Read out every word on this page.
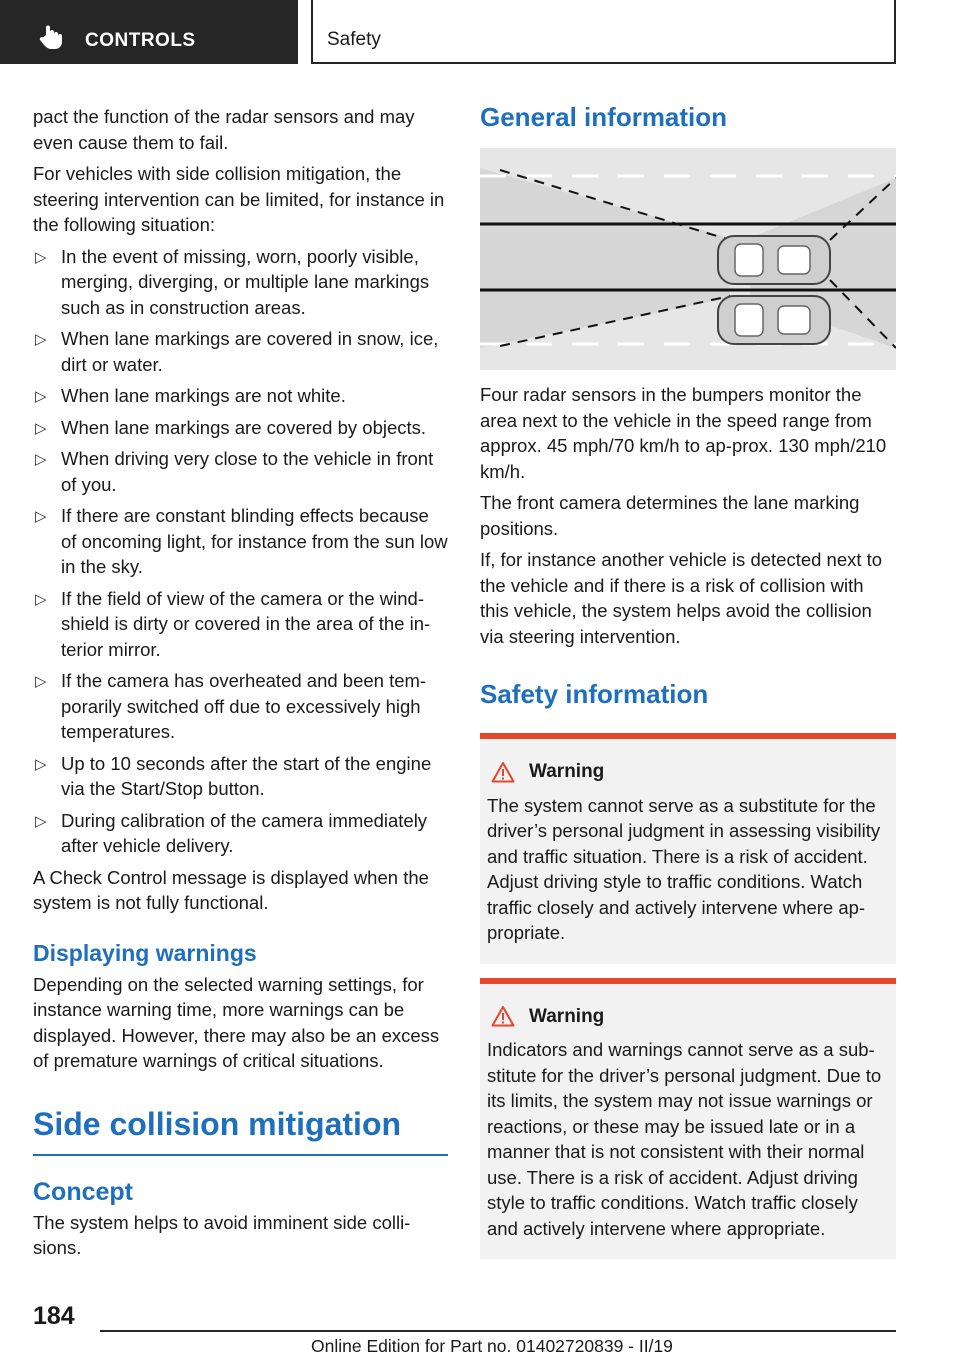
CONTROLS	Safety

pact the function of the radar sensors and may even cause them to fail.

For vehicles with side collision mitigation, the steering intervention can be limited, for instance in the following situation:

▷ In the event of missing, worn, poorly visible, merging, diverging, or multiple lane markings such as in construction areas.
▷ When lane markings are covered in snow, ice, dirt or water.
▷ When lane markings are not white.
▷ When lane markings are covered by objects.
▷ When driving very close to the vehicle in front of you.
▷ If there are constant blinding effects because of oncoming light, for instance from the sun low in the sky.
▷ If the field of view of the camera or the wind‐shield is dirty or covered in the area of the in‐terior mirror.
▷ If the camera has overheated and been tem‐porarily switched off due to excessively high temperatures.
▷ Up to 10 seconds after the start of the engine via the Start/Stop button.
▷ During calibration of the camera immediately after vehicle delivery.

A Check Control message is displayed when the system is not fully functional.

Displaying warnings

Depending on the selected warning settings, for instance warning time, more warnings can be displayed. However, there may also be an excess of premature warnings of critical situations.

Side collision mitigation
Concept

The system helps to avoid imminent side colli‐sions.

General information

Four radar sensors in the bumpers monitor the area next to the vehicle in the speed range from approx. 45 mph/70 km/h to ap‐prox. 130 mph/210 km/h.

The front camera determines the lane marking positions.

If, for instance another vehicle is detected next to the vehicle and if there is a risk of collision with this vehicle, the system helps avoid the collision via steering intervention.

Safety information
Warning

The system cannot serve as a substitute for the driver’s personal judgment in assessing visibility and traffic situation. There is a risk of accident. Adjust driving style to traffic conditions. Watch traffic closely and actively intervene where ap‐propriate.

Warning

Indicators and warnings cannot serve as a sub‐stitute for the driver’s personal judgment. Due to its limits, the system may not issue warnings or reactions, or these may be issued late or in a manner that is not consistent with their normal use. There is a risk of accident. Adjust driving style to traffic conditions. Watch traffic closely and actively intervene where appropriate.

184
Online Edition for Part no. 01402720839 - II/19
